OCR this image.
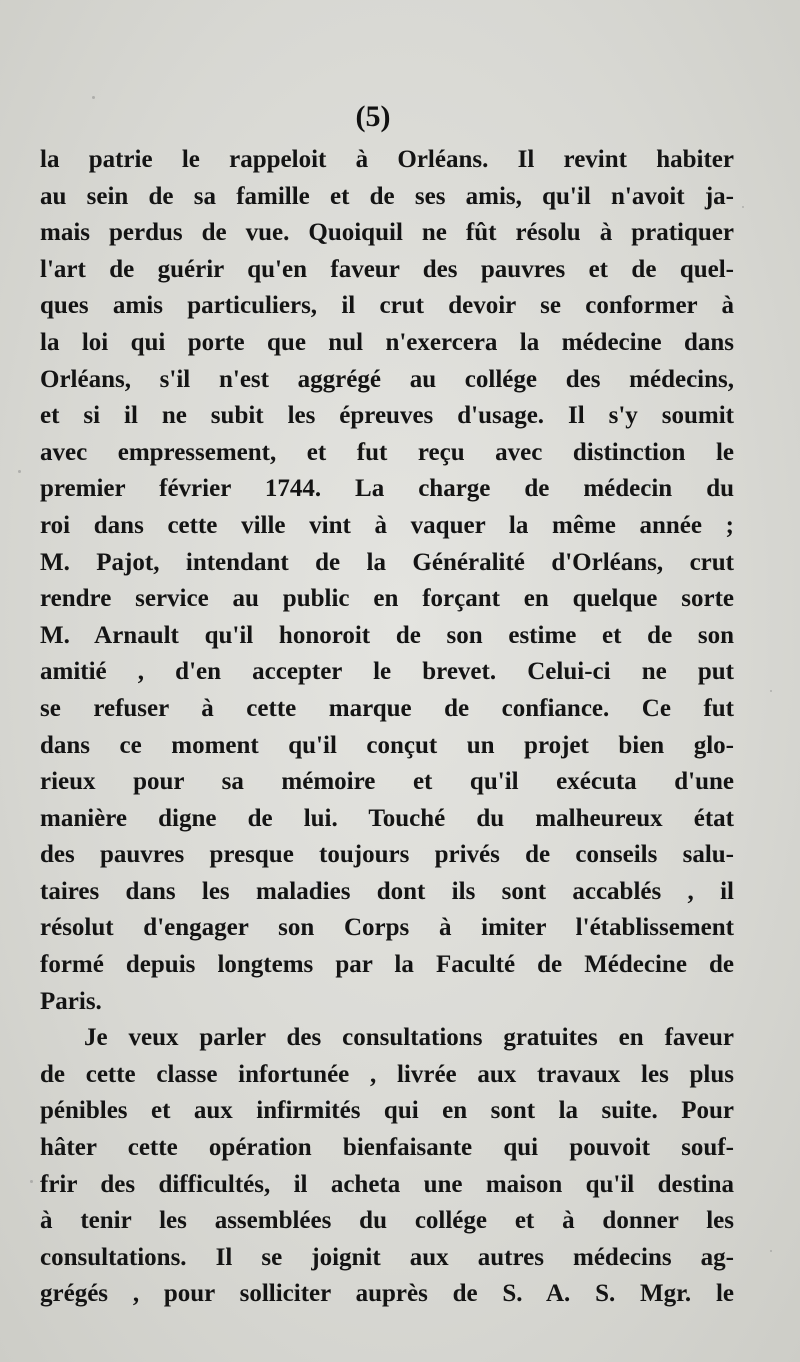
(5)
la patrie le rappeloit à Orléans. Il revint habiter
au sein de sa famille et de ses amis, qu'il n'avoit ja-
mais perdus de vue. Quoiquil ne fût résolu à pratiquer
l'art de guérir qu'en faveur des pauvres et de quel-
ques amis particuliers, il crut devoir se conformer à
la loi qui porte que nul n'exercera la médecine dans
Orléans, s'il n'est aggrégé au collége des médecins,
et si il ne subit les épreuves d'usage. Il s'y soumit
avec empressement, et fut reçu avec distinction le
premier février 1744. La charge de médecin du
roi dans cette ville vint à vaquer la même année ;
M. Pajot, intendant de la Généralité d'Orléans, crut
rendre service au public en forçant en quelque sorte
M. Arnault qu'il honoroit de son estime et de son
amitié , d'en accepter le brevet. Celui-ci ne put
se refuser à cette marque de confiance. Ce fut
dans ce moment qu'il conçut un projet bien glo-
rieux pour sa mémoire et qu'il exécuta d'une
manière digne de lui. Touché du malheureux état
des pauvres presque toujours privés de conseils salu-
taires dans les maladies dont ils sont accablés , il
résolut d'engager son Corps à imiter l'établissement
formé depuis longtems par la Faculté de Médecine de
Paris.
Je veux parler des consultations gratuites en faveur
de cette classe infortunée , livrée aux travaux les plus
pénibles et aux infirmités qui en sont la suite. Pour
hâter cette opération bienfaisante qui pouvoit souf-
frir des difficultés, il acheta une maison qu'il destina
à tenir les assemblées du collége et à donner les
consultations. Il se joignit aux autres médecins ag-
grégés , pour solliciter auprès de S. A. S. Mgr. le
